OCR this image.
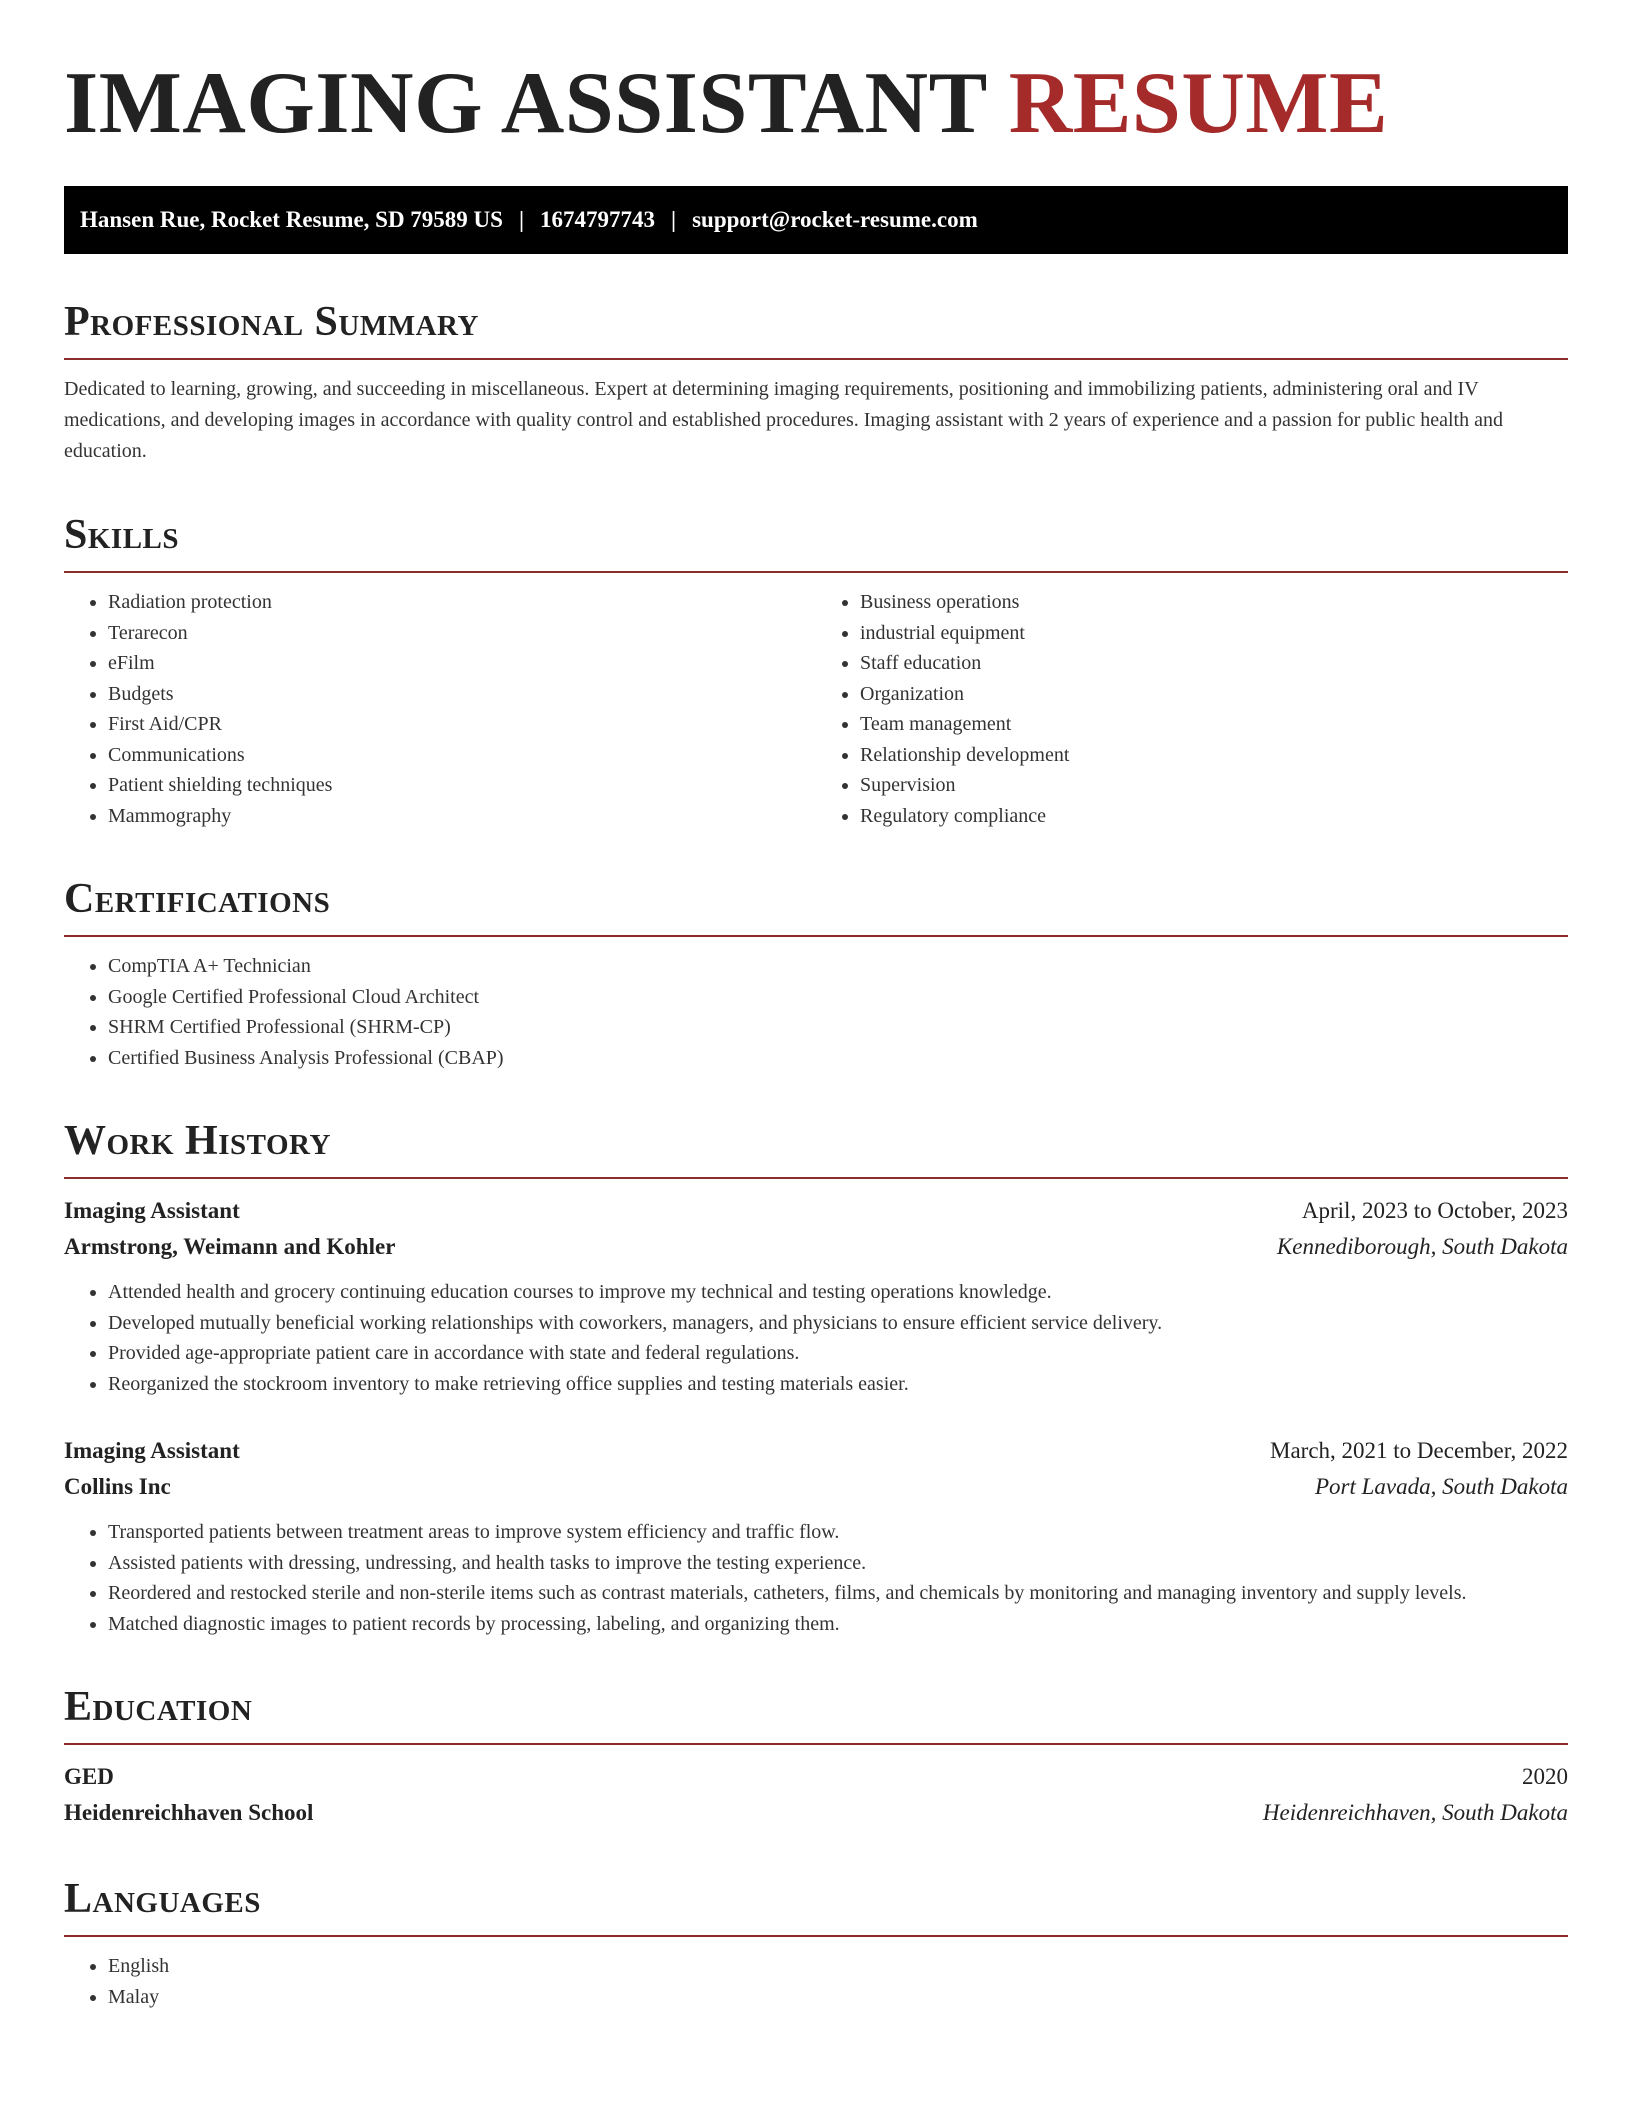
IMAGING ASSISTANT RESUME
Hansen Rue, Rocket Resume, SD 79589 US | 1674797743 | support@rocket-resume.com
Professional Summary

Dedicated to learning, growing, and succeeding in miscellaneous. Expert at determining imaging requirements, positioning and immobilizing patients, administering oral and IV medications, and developing images in accordance with quality control and established procedures. Imaging assistant with 2 years of experience and a passion for public health and education.

Skills
• Radiation protection
• Terarecon
• eFilm
• Budgets
• First Aid/CPR
• Communications
• Patient shielding techniques
• Mammography
• Business operations
• industrial equipment
• Staff education
• Organization
• Team management
• Relationship development
• Supervision
• Regulatory compliance
Certifications
• CompTIA A+ Technician
• Google Certified Professional Cloud Architect
• SHRM Certified Professional (SHRM-CP)
• Certified Business Analysis Professional (CBAP)
Work History
Imaging Assistant	April, 2023 to October, 2023
Armstrong, Weimann and Kohler	Kennediborough, South Dakota
• Attended health and grocery continuing education courses to improve my technical and testing operations knowledge.
• Developed mutually beneficial working relationships with coworkers, managers, and physicians to ensure efficient service delivery.
• Provided age-appropriate patient care in accordance with state and federal regulations.
• Reorganized the stockroom inventory to make retrieving office supplies and testing materials easier.
Imaging Assistant	March, 2021 to December, 2022
Collins Inc	Port Lavada, South Dakota
• Transported patients between treatment areas to improve system efficiency and traffic flow.
• Assisted patients with dressing, undressing, and health tasks to improve the testing experience.
• Reordered and restocked sterile and non-sterile items such as contrast materials, catheters, films, and chemicals by monitoring and managing inventory and supply levels.
• Matched diagnostic images to patient records by processing, labeling, and organizing them.
Education
GED	2020
Heidenreichhaven School	Heidenreichhaven, South Dakota
Languages
• English
• Malay
